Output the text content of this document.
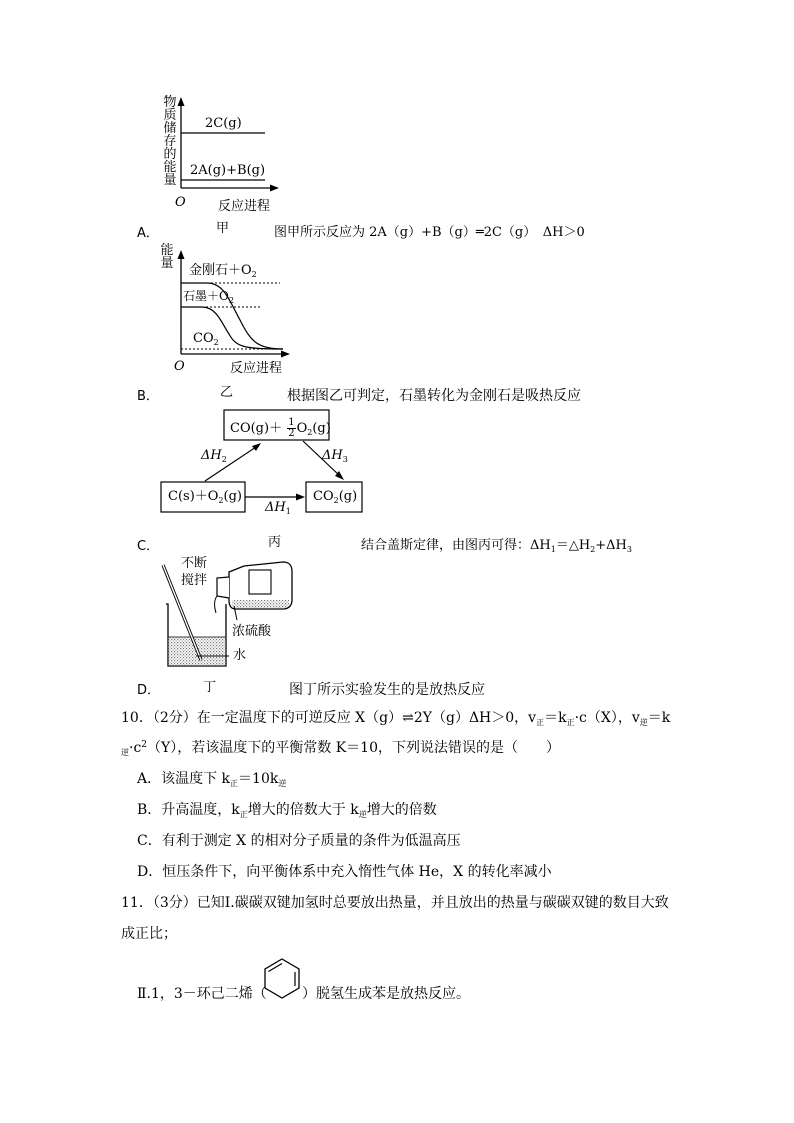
物质储存的能量
2C(g)
2A(g)+B(g)
O 反应进程
甲
A．	图甲所示反应为 2A（g）+B（g）═2C（g）　ΔH＞0
能量 金刚石$+O_2$
石墨$+O_2$
$CO_2$
O	反应进程
乙
B．	根据图乙可判定，石墨转化为金刚石是吸热反应
$CO(g)+ \frac{1}{2} O_2(g)$
$C(s)+O_2(g)$	$CO_2(g)$
$\Delta H_2$	$\Delta H_3$
$\Delta H_1$
丙
C．	结合盖斯定律，由图丙可得：$\Delta H_1=\triangle H_2+\Delta H_3$
不断
搅拌
浓硫酸
水
丁
D．	图丁所示实验发生的是放热反应
10．（2分）在一定温度下的可逆反应 X（g）⇌2Y（g）ΔH＞0，$v_正=k_正\cdot c(X)$，$v_逆=k$
$_逆\cdot c^2(Y)$，若该温度下的平衡常数 K＝10，下列说法错误的是（　　）
A．该温度下 $k_正=10k_逆$
B．升高温度，$k_正$增大的倍数大于 $k_逆$增大的倍数
C．有利于测定 X 的相对分子质量的条件为低温高压
D．恒压条件下，向平衡体系中充入惰性气体 He，X 的转化率减小
11．（3分）已知Ⅰ.碳碳双键加氢时总要放出热量，并且放出的热量与碳碳双键的数目大致
成正比；
Ⅱ.1，3－环己二烯（	）脱氢生成苯是放热反应。
